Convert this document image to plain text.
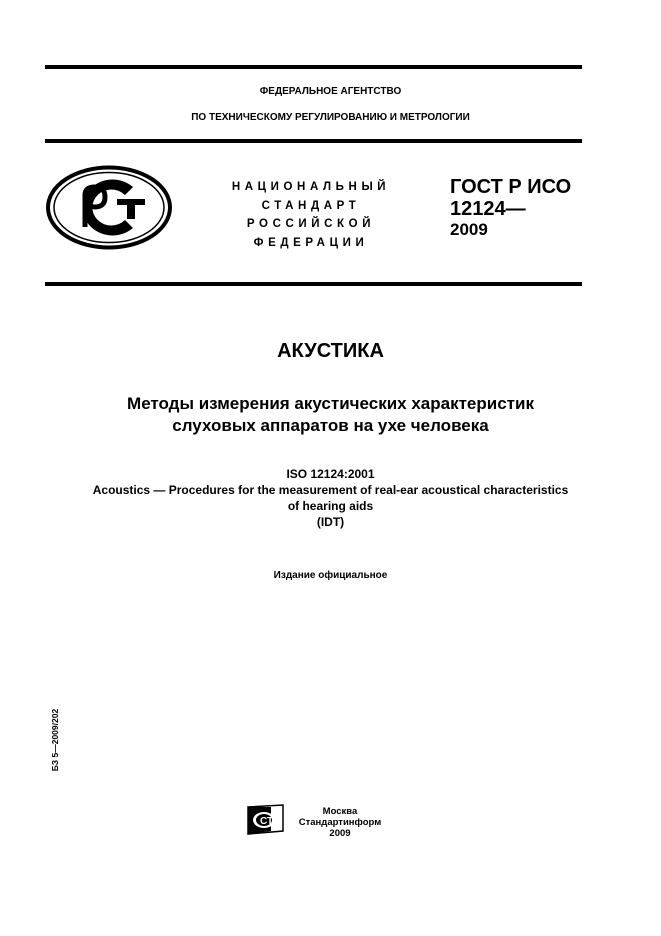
ФЕДЕРАЛЬНОЕ АГЕНТСТВО
ПО ТЕХНИЧЕСКОМУ РЕГУЛИРОВАНИЮ И МЕТРОЛОГИИ
НАЦИОНАЛЬНЫЙ
СТАНДАРТ
РОССИЙСКОЙ
ФЕДЕРАЦИИ
ГОСТ Р ИСО
12124—
2009
АКУСТИКА
Методы измерения акустических характеристик
слуховых аппаратов на ухе человека
ISO 12124:2001
Acoustics — Procedures for the measurement of real-ear acoustical characteristics
of hearing aids
(IDT)
Издание официальное
БЗ 5—2009/202
СТИ
Москва
Стандартинформ
2009
